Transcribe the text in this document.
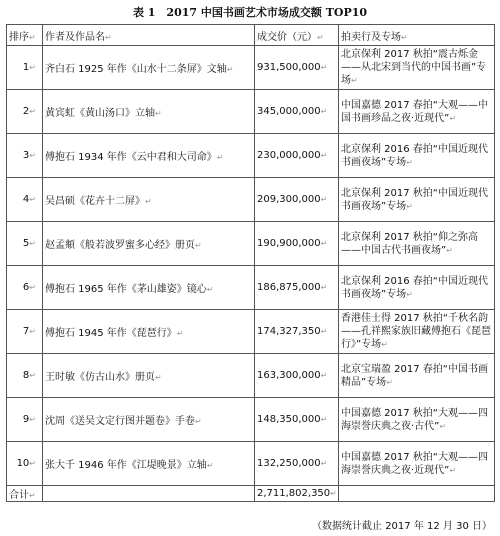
表 1　2017 中国书画艺术市场成交额 TOP10
排序↵	作者及作品名↵	成交价（元）↵	拍卖行及专场↵
1↵	齐白石 1925 年作《山水十二条屏》文轴↵	931,500,000↵	北京保利 2017 秋拍“震古烁金——从北宋到当代的中国书画”专场↵
2↵	黄宾虹《黄山汤口》立轴↵	345,000,000↵	中国嘉德 2017 春拍“大观——中国书画珍品之夜·近现代”↵
3↵	傅抱石 1934 年作《云中君和大司命》↵	230,000,000↵	北京保利 2016 春拍“中国近现代书画夜场”专场↵
4↵	吴昌硕《花卉十二屏》↵	209,300,000↵	北京保利 2017 秋拍“中国近现代书画夜场”专场↵
5↵	赵孟頫《般若波罗蜜多心经》册页↵	190,900,000↵	北京保利 2017 秋拍“仰之弥高——中国古代书画夜场”↵
6↵	傅抱石 1965 年作《茅山雄姿》镜心↵	186,875,000↵	北京保利 2016 春拍“中国近现代书画夜场”专场↵
7↵	傅抱石 1945 年作《琵琶行》↵	174,327,350↵	香港佳士得 2017 秋拍“千秋名韵——孔祥熙家族旧藏傅抱石《琵琶行》”专场↵
8↵	王时敏《仿古山水》册页↵	163,300,000↵	北京宝瑞盈 2017 春拍“中国书画精品”专场↵
9↵	沈周《送吴文定行图并题卷》手卷↵	148,350,000↵	中国嘉德 2017 秋拍“大观——四海崇誉庆典之夜·古代”↵
10↵	张大千 1946 年作《江堤晚景》立轴↵	132,250,000↵	中国嘉德 2017 秋拍“大观——四海崇誉庆典之夜·近现代”↵
合计↵		2,711,802,350↵	
（数据统计截止 2017 年 12 月 30 日）
